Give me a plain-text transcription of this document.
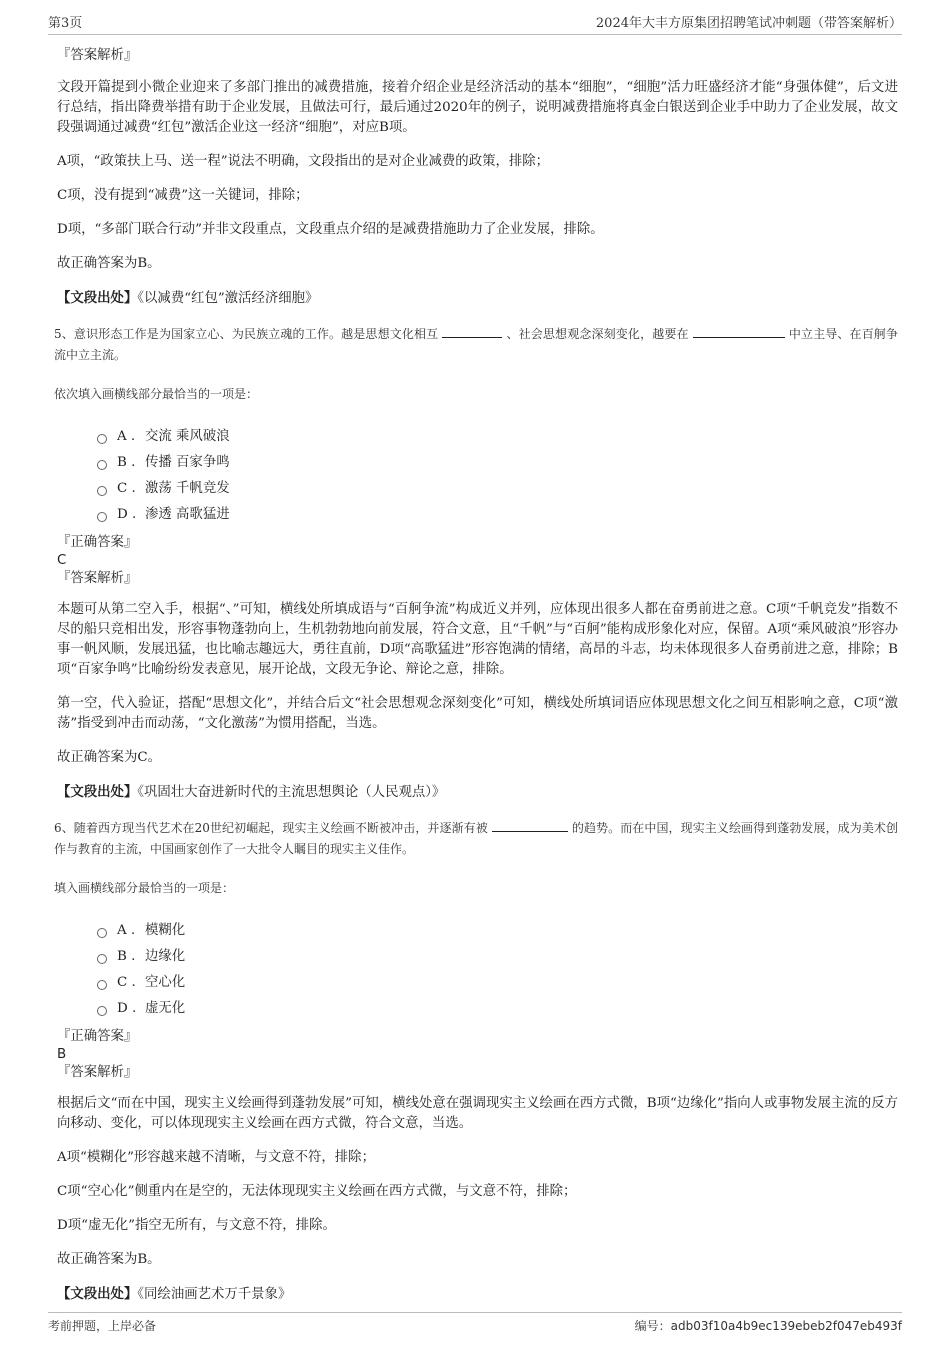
第3页	2024年大丰方原集团招聘笔试冲刺题（带答案解析）
『答案解析』

文段开篇提到小微企业迎来了多部门推出的减费措施，接着介绍企业是经济活动的基本“细胞”，“细胞”活力旺盛经济才能“身强体健”，后文进行总结，指出降费举措有助于企业发展，且做法可行，最后通过2020年的例子，说明减费措施将真金白银送到企业手中助力了企业发展，故文段强调通过减费“红包”激活企业这一经济“细胞”，对应B项。

A项，“政策扶上马、送一程”说法不明确，文段指出的是对企业减费的政策，排除；

C项，没有提到“减费”这一关键词，排除；

D项，“多部门联合行动”并非文段重点，文段重点介绍的是减费措施助力了企业发展，排除。

故正确答案为B。

【文段出处】《以减费“红包”激活经济细胞》

5、意识形态工作是为国家立心、为民族立魂的工作。越是思想文化相互	、社会思想观念深刻变化，越要在	中立主导、在百舸争流中立主流。
依次填入画横线部分最恰当的一项是：
A . 交流 乘风破浪
B . 传播 百家争鸣
C . 激荡 千帆竞发
D . 渗透 高歌猛进
『正确答案』
C
『答案解析』

本题可从第二空入手，根据“、”可知，横线处所填成语与“百舸争流”构成近义并列，应体现出很多人都在奋勇前进之意。C项“千帆竞发”指数不尽的船只竞相出发，形容事物蓬勃向上，生机勃勃地向前发展，符合文意，且“千帆”与“百舸”能构成形象化对应，保留。A项“乘风破浪”形容办事一帆风顺，发展迅猛，也比喻志趣远大，勇往直前，D项“高歌猛进”形容饱满的情绪，高昂的斗志，均未体现很多人奋勇前进之意，排除；B项“百家争鸣”比喻纷纷发表意见，展开论战，文段无争论、辩论之意，排除。

第一空，代入验证，搭配“思想文化”，并结合后文“社会思想观念深刻变化”可知，横线处所填词语应体现思想文化之间互相影响之意，C项“激荡”指受到冲击而动荡，“文化激荡”为惯用搭配，当选。

故正确答案为C。

【文段出处】《巩固壮大奋进新时代的主流思想舆论（人民观点）》

6、随着西方现当代艺术在20世纪初崛起，现实主义绘画不断被冲击，并逐渐有被	的趋势。而在中国，现实主义绘画得到蓬勃发展，成为美术创作与教育的主流，中国画家创作了一大批令人瞩目的现实主义佳作。
填入画横线部分最恰当的一项是：
A . 模糊化
B . 边缘化
C . 空心化
D . 虚无化
『正确答案』
B
『答案解析』

根据后文“而在中国，现实主义绘画得到蓬勃发展”可知，横线处意在强调现实主义绘画在西方式微，B项“边缘化”指向人或事物发展主流的反方向移动、变化，可以体现现实主义绘画在西方式微，符合文意，当选。

A项“模糊化”形容越来越不清晰，与文意不符，排除；

C项“空心化”侧重内在是空的，无法体现现实主义绘画在西方式微，与文意不符，排除；

D项“虚无化”指空无所有，与文意不符，排除。

故正确答案为B。

【文段出处】《同绘油画艺术万千景象》

考前押题，上岸必备	编号：adb03f10a4b9ec139ebeb2f047eb493f
